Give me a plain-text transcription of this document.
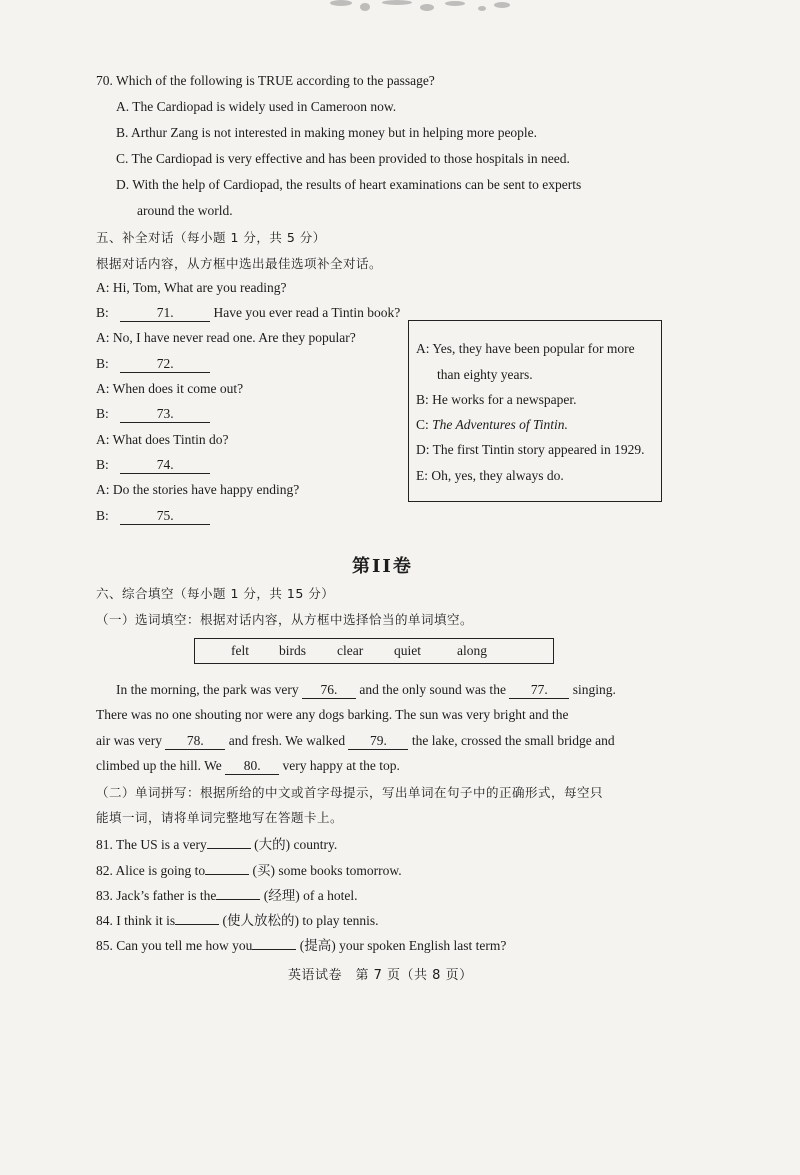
70. Which of the following is TRUE according to the passage?
A. The Cardiopad is widely used in Cameroon now.
B. Arthur Zang is not interested in making money but in helping more people.
C. The Cardiopad is very effective and has been provided to those hospitals in need.
D. With the help of Cardiopad, the results of heart examinations can be sent to experts
around the world.
五、补全对话（每小题 1 分，共 5 分）
根据对话内容，从方框中选出最佳选项补全对话。
A: Hi, Tom, What are you reading?
B:	71.	Have you ever read a Tintin book?
A: No, I have never read one. Are they popular?
B:	72.
A: When does it come out?
B:	73.
A: What does Tintin do?
B:	74.
A: Do the stories have happy ending?
B:	75.
A: Yes, they have been popular for more
than eighty years.
B: He works for a newspaper.
C: The Adventures of Tintin.
D: The first Tintin story appeared in 1929.
E: Oh, yes, they always do.
第II卷
六、综合填空（每小题 1 分，共 15 分）
（一）选词填空：根据对话内容，从方框中选择恰当的单词填空。
felt birds clear quiet	along
In the morning, the park was very 76. and the only sound was the 77. singing.
There was no one shouting nor were any dogs barking. The sun was very bright and the
air was very 78. and fresh. We walked 79. the lake, crossed the small bridge and
climbed up the hill. We 80. very happy at the top.
（二）单词拼写：根据所给的中文或首字母提示，写出单词在句子中的正确形式，每空只
能填一词，请将单词完整地写在答题卡上。
81. The US is a very	(大的) country.
82. Alice is going to	(买) some books tomorrow.
83. Jack’s father is the	(经理) of a hotel.
84. I think it is	(使人放松的) to play tennis.
85. Can you tell me how you	(提高) your spoken English last term?
英语试卷　第 7 页（共 8 页）
